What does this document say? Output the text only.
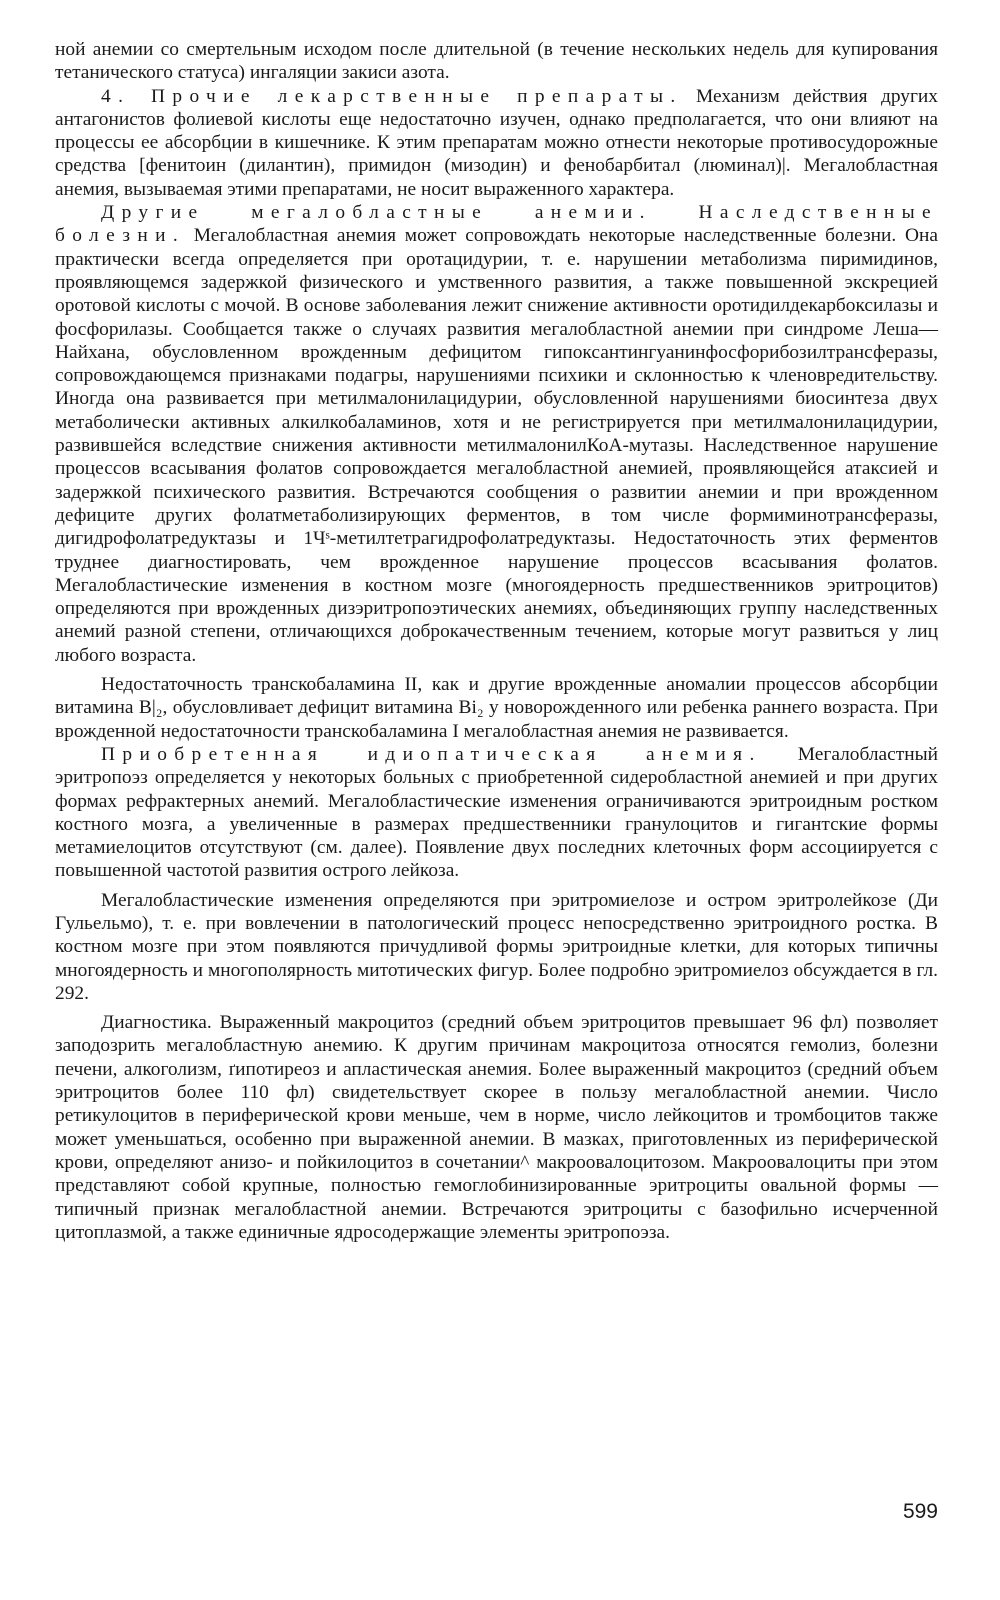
ной анемии со смертельным исходом после длительной (в течение нескольких недель для купирования тетанического статуса) ингаляции закиси азота.

4. Прочие лекарственные препараты. Механизм действия других антагонистов фолиевой кислоты еще недостаточно изучен, однако предполагается, что они влияют на процессы ее абсорбции в кишечнике. К этим препаратам можно отнести некоторые противосудорожные средства [фенитоин (дилантин), примидон (мизодин) и фенобарбитал (люминал)|. Мегалобластная анемия, вызываемая этими препаратами, не носит выраженного характера.

Другие мегалобластные анемии. Наследственные болезни. Мегалобластная анемия может сопровождать некоторые наследственные болезни. Она практически всегда определяется при оротацидурии, т. е. нарушении метаболизма пиримидинов, проявляющемся задержкой физического и умственного развития, а также повышенной экскрецией оротовой кислоты с мочой. В основе заболевания лежит снижение активности оротидилдекарбоксилазы и фосфорилазы. Сообщается также о случаях развития мегалобластной анемии при синдроме Леша—Найхана, обусловленном врожденным дефицитом гипоксантингуанинфосфорибозилтрансферазы, сопровождающемся признаками подагры, нарушениями психики и склонностью к членовредительству. Иногда она развивается при метилмалонилацидурии, обусловленной нарушениями биосинтеза двух метаболически активных алкилкобаламинов, хотя и не регистрируется при метилмалонилацидурии, развившейся вследствие снижения активности метилмалонилКоА-мутазы. Наследственное нарушение процессов всасывания фолатов сопровождается мегалобластной анемией, проявляющейся атаксией и задержкой психического развития. Встречаются сообщения о развитии анемии и при врожденном дефиците других фолатметаболизирующих ферментов, в том числе формиминотрансферазы, дигидрофолатредуктазы и 1Чˢ-метилтетрагидрофолатредуктазы. Недостаточность этих ферментов труднее диагностировать, чем врожденное нарушение процессов всасывания фолатов. Мегалобластические изменения в костном мозге (многоядерность предшественников эритроцитов) определяются при врожденных дизэритропоэтических анемиях, объединяющих группу наследственных анемий разной степени, отличающихся доброкачественным течением, которые могут развиться у лиц любого возраста.

Недостаточность транскобаламина II, как и другие врожденные аномалии процессов абсорбции витамина В|₂, обусловливает дефицит витамина Bi₂ у новорожденного или ребенка раннего возраста. При врожденной недостаточности транскобаламина I мегалобластная анемия не развивается.

Приобретенная идиопатическая анемия. Мегалобластный эритропоэз определяется у некоторых больных с приобретенной сидеробластной анемией и при других формах рефрактерных анемий. Мегалобластические изменения ограничиваются эритроидным ростком костного мозга, а увеличенные в размерах предшественники гранулоцитов и гигантские формы метамиелоцитов отсутствуют (см. далее). Появление двух последних клеточных форм ассоциируется с повышенной частотой развития острого лейкоза.

Мегалобластические изменения определяются при эритромиелозе и остром эритролейкозе (Ди Гульельмо), т. е. при вовлечении в патологический процесс непосредственно эритроидного ростка. В костном мозге при этом появляются причудливой формы эритроидные клетки, для которых типичны многоядерность и многополярность митотических фигур. Более подробно эритромиелоз обсуждается в гл. 292.

Диагностика. Выраженный макроцитоз (средний объем эритроцитов превышает 96 фл) позволяет заподозрить мегалобластную анемию. К другим причинам макроцитоза относятся гемолиз, болезни печени, алкоголизм, ґипотиреоз и апластическая анемия. Более выраженный макроцитоз (средний объем эритроцитов более 110 фл) свидетельствует скорее в пользу мегалобластной анемии. Число ретикулоцитов в периферической крови меньше, чем в норме, число лейкоцитов и тромбоцитов также может уменьшаться, особенно при выраженной анемии. В мазках, приготовленных из периферической крови, определяют анизо- и пойкилоцитоз в сочетании^ макроовалоцитозом. Макроовалоциты при этом представляют собой крупные, полностью гемоглобинизированные эритроциты овальной формы — типичный признак мегалобластной анемии. Встречаются эритроциты с базофильно исчерченной цитоплазмой, а также единичные ядросодержащие элементы эритропоэза.

599
